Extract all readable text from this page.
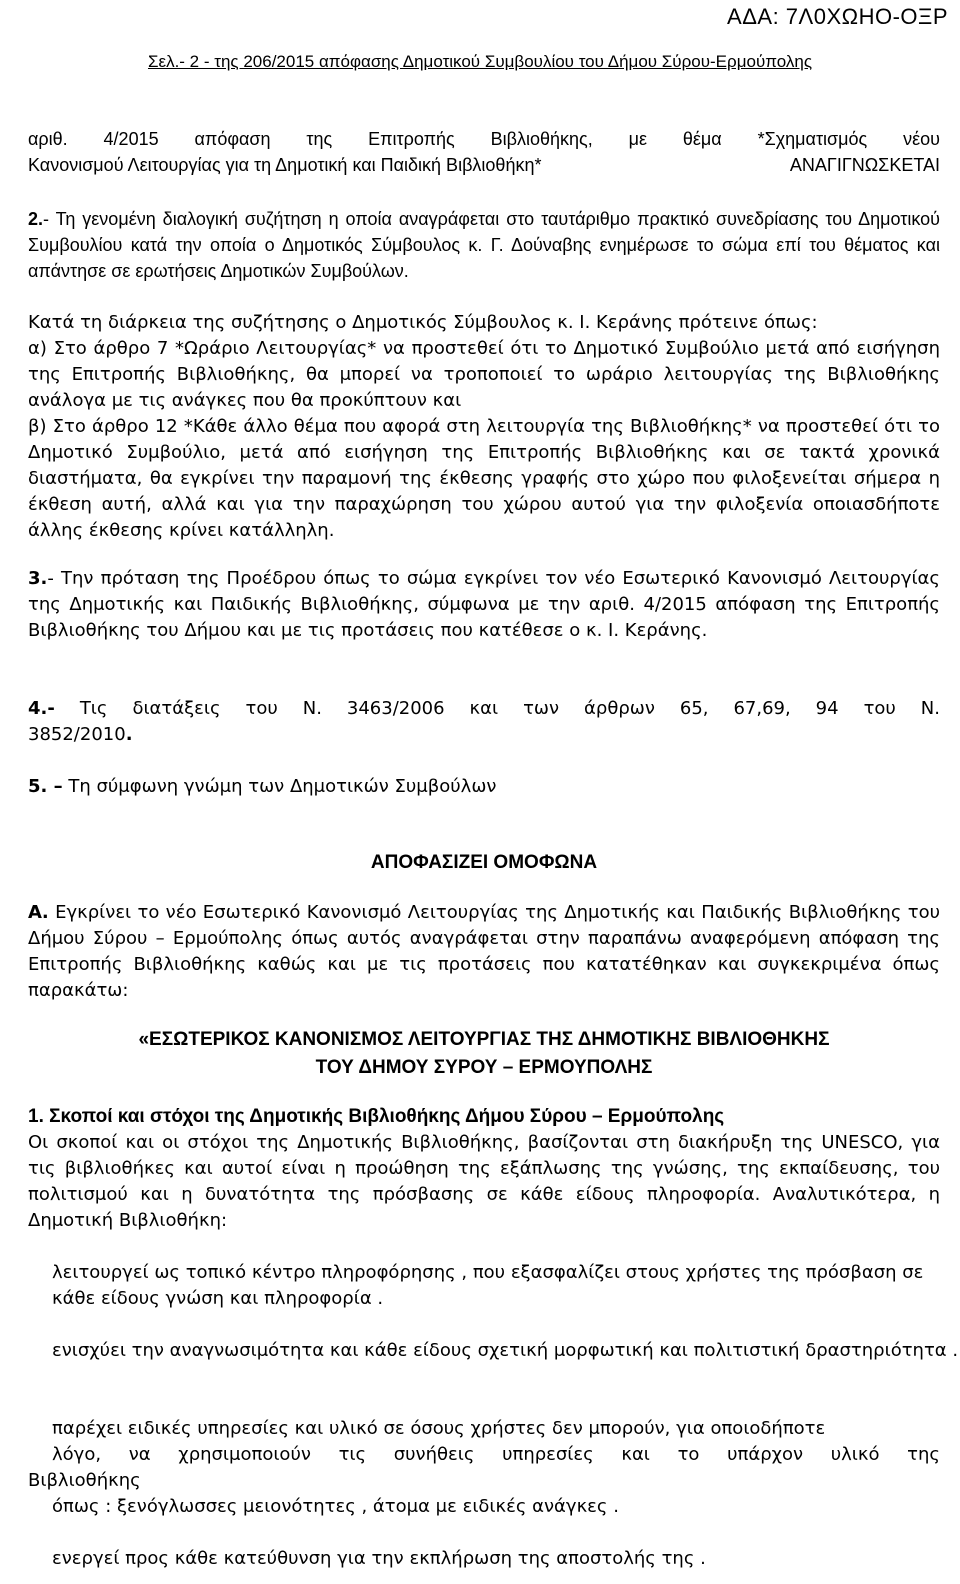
ΑΔΑ: 7Λ0ΧΩΗΟ-ΟΞΡ
Σελ.- 2 - της 206/2015 απόφασης Δημοτικού Συμβουλίου του Δήμου Σύρου-Ερμούπολης
αριθ. 4/2015 απόφαση της Επιτροπής Βιβλιοθήκης, με θέμα *Σχηματισμός νέου
Κανονισμού Λειτουργίας για τη Δημοτική και Παιδική Βιβλιοθήκη*	ΑΝΑΓΙΓΝΩΣΚΕΤΑΙ
2.- Τη γενομένη διαλογική συζήτηση η οποία αναγράφεται στο ταυτάριθμο πρακτικό συνεδρίασης του Δημοτικού Συμβουλίου κατά την οποία ο Δημοτικός Σύμβουλος κ. Γ. Δούναβης ενημέρωσε το σώμα επί του θέματος και απάντησε σε ερωτήσεις Δημοτικών Συμβούλων.
Κατά τη διάρκεια της συζήτησης ο Δημοτικός Σύμβουλος κ. Ι. Κεράνης πρότεινε όπως:
α) Στο άρθρο 7 *Ωράριο Λειτουργίας* να προστεθεί ότι το Δημοτικό Συμβούλιο μετά από εισήγηση της Επιτροπής Βιβλιοθήκης, θα μπορεί να τροποποιεί το ωράριο λειτουργίας της Βιβλιοθήκης ανάλογα με τις ανάγκες που θα προκύπτουν και
β) Στο άρθρο 12 *Κάθε άλλο θέμα που αφορά στη λειτουργία της Βιβλιοθήκης* να προστεθεί ότι το Δημοτικό Συμβούλιο, μετά από εισήγηση της Επιτροπής Βιβλιοθήκης και σε τακτά χρονικά διαστήματα, θα εγκρίνει την παραμονή της έκθεσης γραφής στο χώρο που φιλοξενείται σήμερα η έκθεση αυτή, αλλά και για την παραχώρηση του χώρου αυτού για την φιλοξενία οποιασδήποτε άλλης έκθεσης κρίνει κατάλληλη.
3.- Την πρόταση της Προέδρου όπως το σώμα εγκρίνει τον νέο Εσωτερικό Κανονισμό Λειτουργίας της Δημοτικής και Παιδικής Βιβλιοθήκης, σύμφωνα με την αριθ. 4/2015 απόφαση της Επιτροπής Βιβλιοθήκης του Δήμου και με τις προτάσεις που κατέθεσε ο κ. Ι. Κεράνης.
4.- Τις διατάξεις του Ν. 3463/2006 και των άρθρων 65, 67,69, 94 του Ν.
3852/2010.
5. – Τη σύμφωνη γνώμη των Δημοτικών Συμβούλων
ΑΠΟΦΑΣΙΖΕΙ ΟΜΟΦΩΝΑ
Α. Εγκρίνει το νέο Εσωτερικό Κανονισμό Λειτουργίας της Δημοτικής και Παιδικής Βιβλιοθήκης του Δήμου Σύρου – Ερμούπολης όπως αυτός αναγράφεται στην παραπάνω αναφερόμενη απόφαση της Επιτροπής Βιβλιοθήκης καθώς και με τις προτάσεις που κατατέθηκαν και συγκεκριμένα όπως παρακάτω:
«ΕΣΩΤΕΡΙΚΟΣ ΚΑΝΟΝΙΣΜΟΣ ΛΕΙΤΟΥΡΓΙΑΣ ΤΗΣ ΔΗΜΟΤΙΚΗΣ ΒΙΒΛΙΟΘΗΚΗΣ
ΤΟΥ ΔΗΜΟΥ ΣΥΡΟΥ – ΕΡΜΟΥΠΟΛΗΣ
1. Σκοποί και στόχοι της Δημοτικής Βιβλιοθήκης Δήμου Σύρου – Ερμούπολης
Οι σκοποί και οι στόχοι της Δημοτικής Βιβλιοθήκης, βασίζονται στη διακήρυξη της UNESCO, για τις βιβλιοθήκες και αυτοί είναι η προώθηση της εξάπλωσης της γνώσης, της εκπαίδευσης, του πολιτισμού και η δυνατότητα της πρόσβασης σε κάθε είδους πληροφορία. Αναλυτικότερα, η Δημοτική Βιβλιοθήκη:
λειτουργεί ως τοπικό κέντρο πληροφόρησης , που εξασφαλίζει στους χρήστες της πρόσβαση σε κάθε είδους γνώση και πληροφορία .
ενισχύει την αναγνωσιμότητα και κάθε είδους σχετική μορφωτική και πολιτιστική δραστηριότητα .
παρέχει ειδικές υπηρεσίες και υλικό σε όσους χρήστες δεν μπορούν, για οποιοδήποτε
λόγο, να χρησιμοποιούν τις συνήθεις υπηρεσίες και το υπάρχον υλικό της
Βιβλιοθήκης
όπως : ξενόγλωσσες μειονότητες , άτομα με ειδικές ανάγκες .
ενεργεί προς κάθε κατεύθυνση για την εκπλήρωση της αποστολής της .
